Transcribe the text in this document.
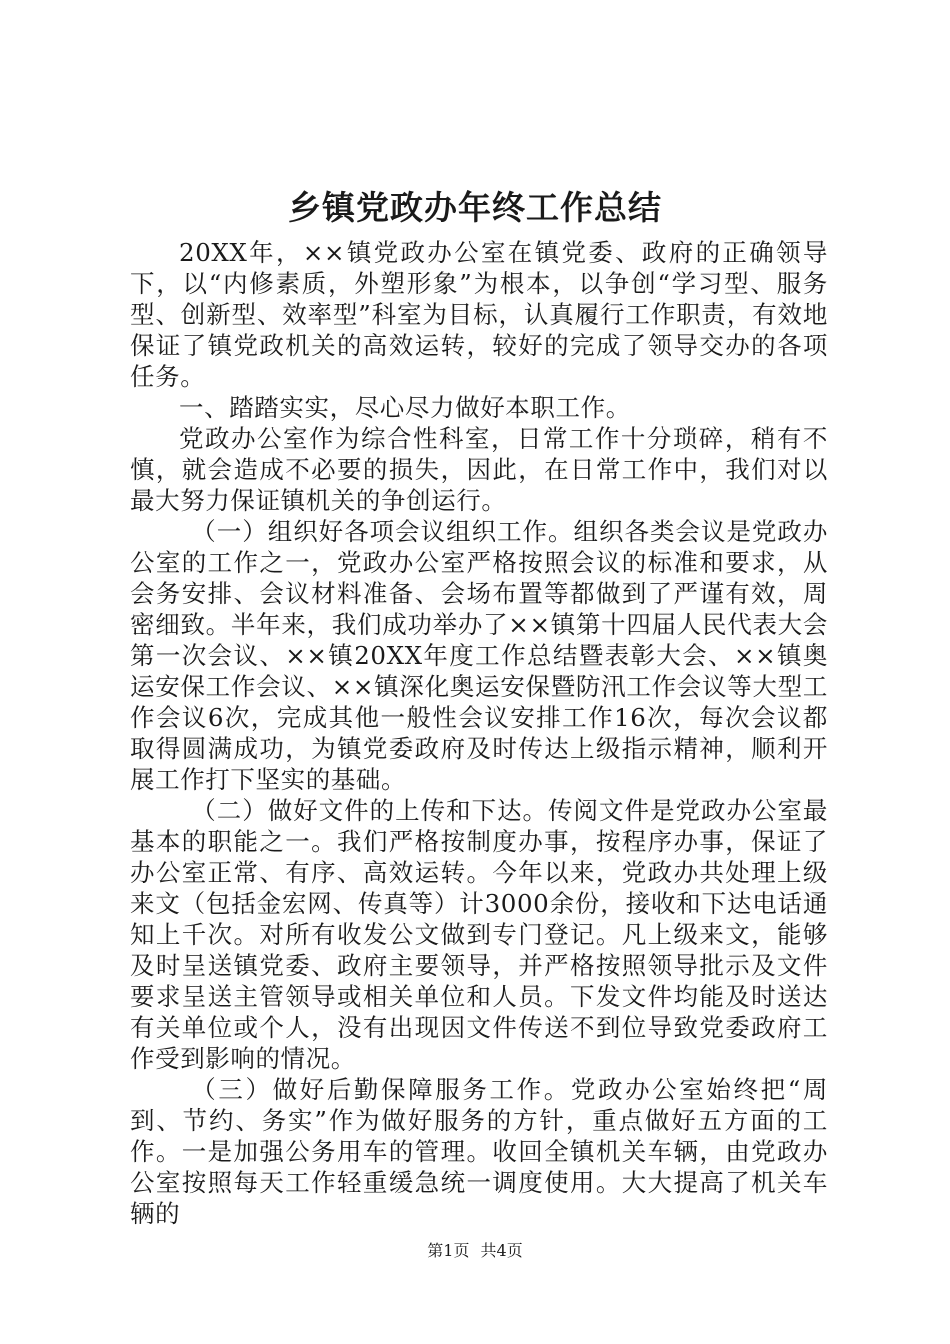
乡镇党政办年终工作总结

20XX年，××镇党政办公室在镇党委、政府的正确领导下，以“内修素质，外塑形象”为根本，以争创“学习型、服务型、创新型、效率型”科室为目标，认真履行工作职责，有效地保证了镇党政机关的高效运转，较好的完成了领导交办的各项任务。

一、踏踏实实，尽心尽力做好本职工作。

党政办公室作为综合性科室，日常工作十分琐碎，稍有不慎，就会造成不必要的损失，因此，在日常工作中，我们对以最大努力保证镇机关的争创运行。

（一）组织好各项会议组织工作。组织各类会议是党政办公室的工作之一，党政办公室严格按照会议的标准和要求，从会务安排、会议材料准备、会场布置等都做到了严谨有效，周密细致。半年来，我们成功举办了××镇第十四届人民代表大会第一次会议、××镇20XX年度工作总结暨表彰大会、××镇奥运安保工作会议、××镇深化奥运安保暨防汛工作会议等大型工作会议6次，完成其他一般性会议安排工作16次，每次会议都取得圆满成功，为镇党委政府及时传达上级指示精神，顺利开展工作打下坚实的基础。

（二）做好文件的上传和下达。传阅文件是党政办公室最基本的职能之一。我们严格按制度办事，按程序办事，保证了办公室正常、有序、高效运转。今年以来，党政办共处理上级来文（包括金宏网、传真等）计3000余份，接收和下达电话通知上千次。对所有收发公文做到专门登记。凡上级来文，能够及时呈送镇党委、政府主要领导，并严格按照领导批示及文件要求呈送主管领导或相关单位和人员。下发文件均能及时送达有关单位或个人，没有出现因文件传送不到位导致党委政府工作受到影响的情况。

（三）做好后勤保障服务工作。党政办公室始终把“周到、节约、务实”作为做好服务的方针，重点做好五方面的工作。一是加强公务用车的管理。收回全镇机关车辆，由党政办公室按照每天工作轻重缓急统一调度使用。大大提高了机关车辆的

第1页 共4页
